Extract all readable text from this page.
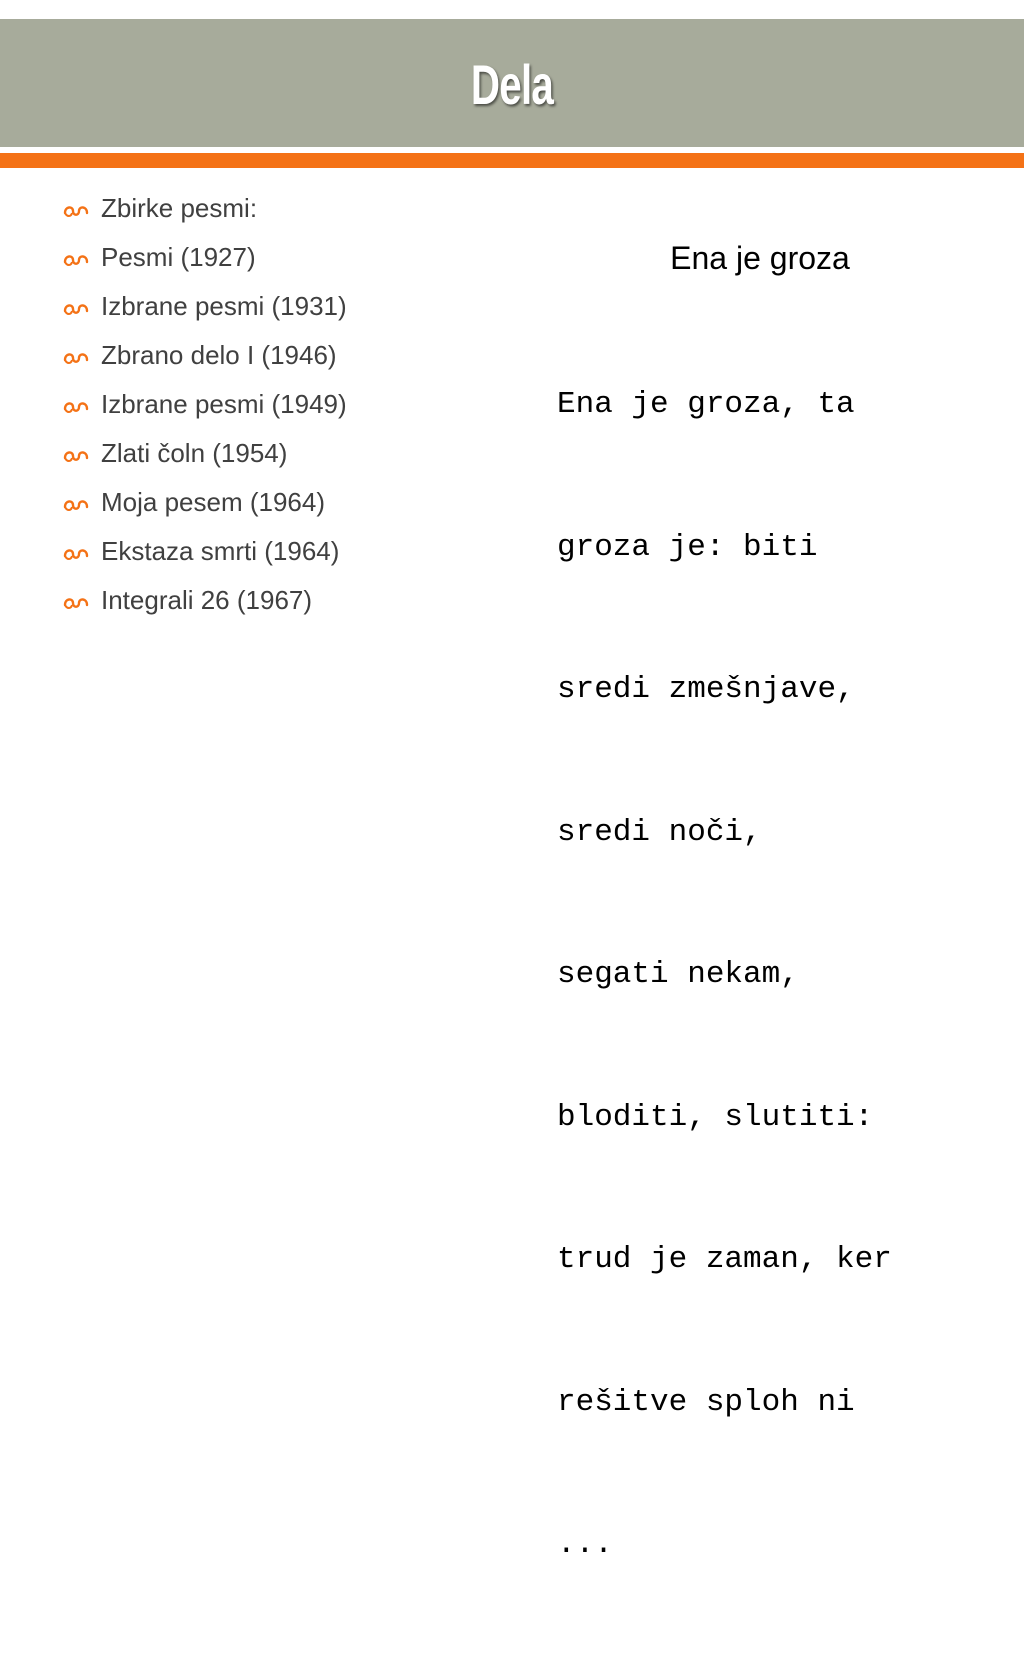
Dela
Zbirke pesmi:
Pesmi (1927)
Izbrane pesmi (1931)
Zbrano delo I (1946)
Izbrane pesmi (1949)
Zlati čoln (1954)
Moja pesem (1964)
Ekstaza smrti (1964)
Integrali 26 (1967)
Ena je groza

Ena je groza, ta

groza je: biti

sredi zmešnjave,

sredi noči,

segati nekam,

bloditi, slutiti:

trud je zaman, ker

rešitve sploh ni

...
